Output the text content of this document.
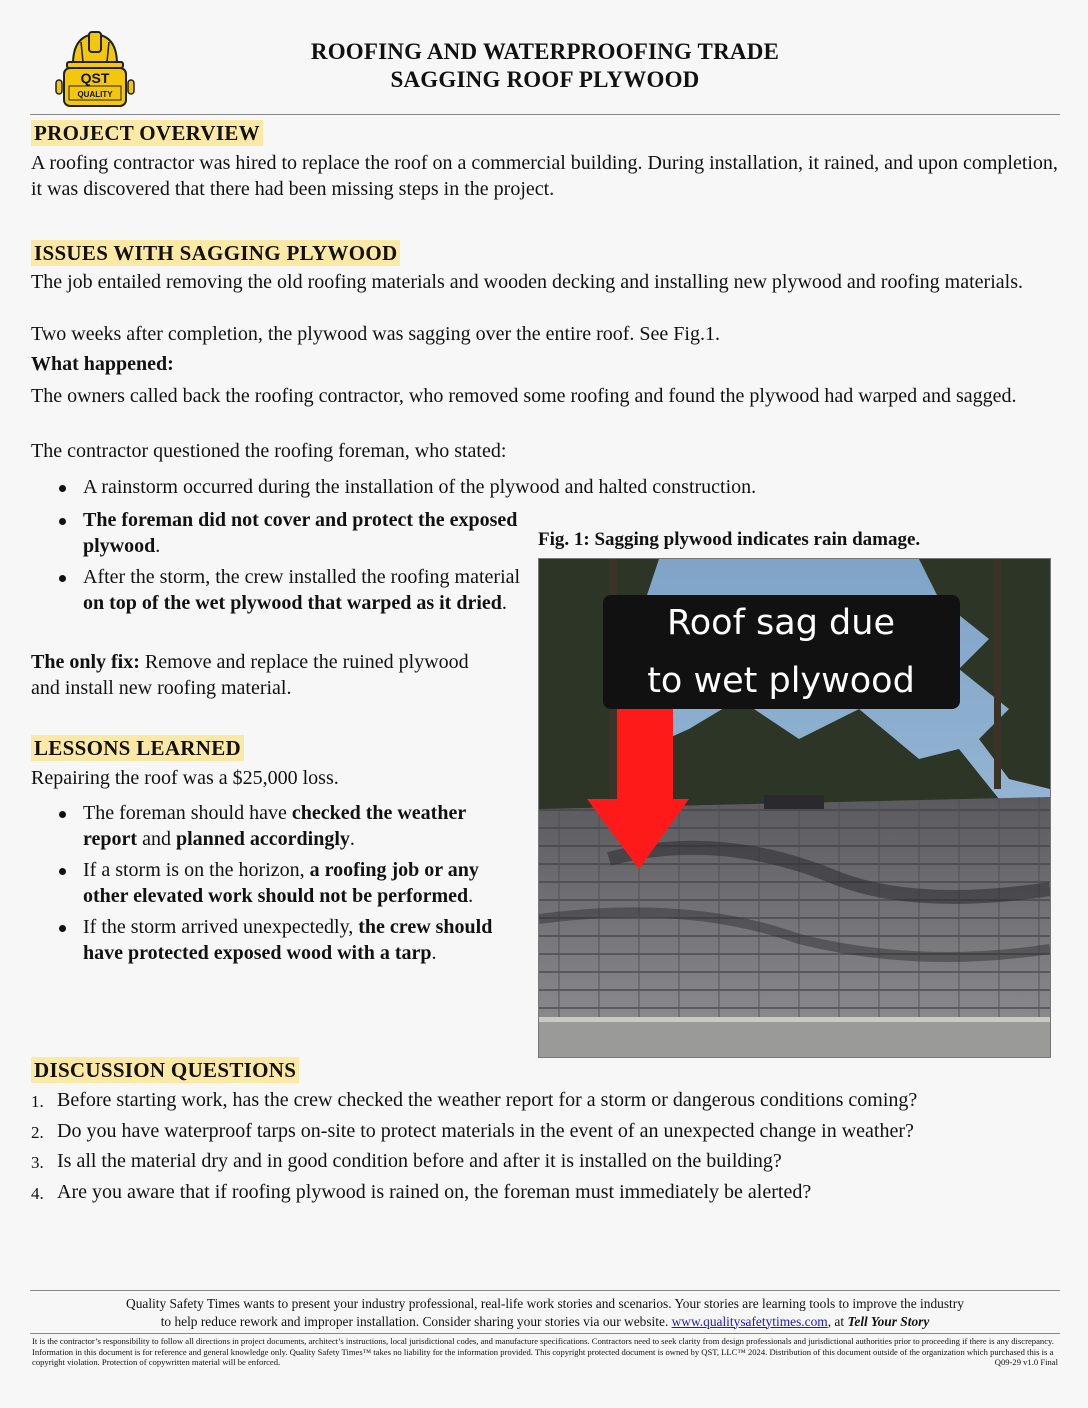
QST
QUALITY
ROOFING AND WATERPROOFING TRADE
SAGGING ROOF PLYWOOD
PROJECT OVERVIEW
A roofing contractor was hired to replace the roof on a commercial building. During installation, it rained, and upon completion, it was discovered that there had been missing steps in the project.
ISSUES WITH SAGGING PLYWOOD
The job entailed removing the old roofing materials and wooden decking and installing new plywood and roofing materials.
Two weeks after completion, the plywood was sagging over the entire roof. See Fig.1.
What happened:
The owners called back the roofing contractor, who removed some roofing and found the plywood had warped and sagged.
The contractor questioned the roofing foreman, who stated:
A rainstorm occurred during the installation of the plywood and halted construction.
The foreman did not cover and protect the exposed plywood.
After the storm, the crew installed the roofing material on top of the wet plywood that warped as it dried.
The only fix: Remove and replace the ruined plywood and install new roofing material.
Fig. 1: Sagging plywood indicates rain damage.
Roof sag due
to wet plywood
LESSONS LEARNED
Repairing the roof was a $25,000 loss.
The foreman should have checked the weather report and planned accordingly.
If a storm is on the horizon, a roofing job or any other elevated work should not be performed.
If the storm arrived unexpectedly, the crew should have protected exposed wood with a tarp.
DISCUSSION QUESTIONS
1. Before starting work, has the crew checked the weather report for a storm or dangerous conditions coming?
2. Do you have waterproof tarps on-site to protect materials in the event of an unexpected change in weather?
3. Is all the material dry and in good condition before and after it is installed on the building?
4. Are you aware that if roofing plywood is rained on, the foreman must immediately be alerted?
Quality Safety Times wants to present your industry professional, real-life work stories and scenarios. Your stories are learning tools to improve the industry
to help reduce rework and improper installation. Consider sharing your stories via our website. www.qualitysafetytimes.com, at Tell Your Story
It is the contractor’s responsibility to follow all directions in project documents, architect’s instructions, local jurisdictional codes, and manufacture specifications. Contractors need to seek clarity from design professionals and jurisdictional authorities prior to proceeding if there is any discrepancy. Information in this document is for reference and general knowledge only. Quality Safety Times™ takes no liability for the information provided. This copyright protected document is owned by QST, LLC™ 2024. Distribution of this document outside of the organization which purchased this is a copyright violation. Protection of copywritten material will be enforced.	Q09-29 v1.0 Final
